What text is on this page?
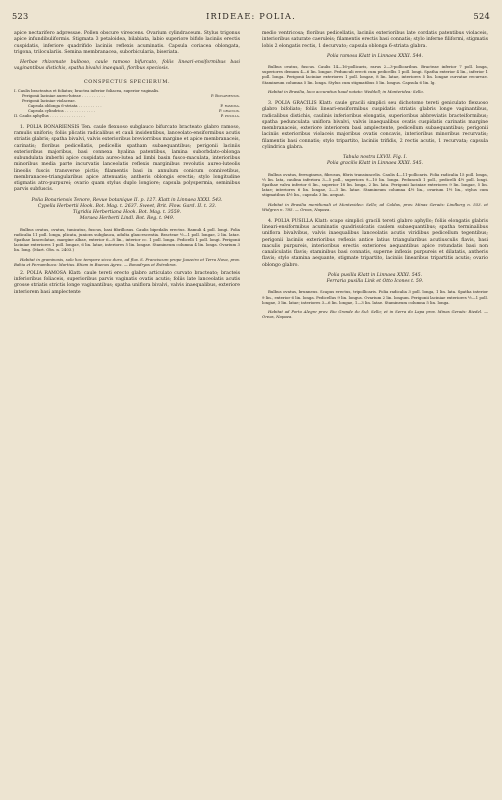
523	IRIDEAE: POLIA.	524

apice nectarifero adpressae. Pollen obscure virescens. Ovarium cylindraceum. Stylus trigonus apice infundibuliformis. Stigmata 3 petaloidea, bilabiata, labio superiore bifido laciniis erectis cuspidatis, inferiore quadrifido laciniis reflexis acuminatis. Capsula coriacea oblongata, trigona, triloculariis. Semina membranacea, suborbicularia, biseriata.

Herbae rhizomate bulboso, caule ramoso bifurcato, foliis lineari-ensiformibus basi vaginantibus distichis, spatha bivalvi inaequali, floribus speciosis.

CONSPECTUS SPECIERUM.
I. Caulis bracteatus et foliatus; bractea inferior foliacea, superior vaginalis.	
Perigonii laciniae aureo-luteae . . . . . . . . . .	P. Bonariensis.
Perigonii laciniae violaceae.	
Capsula oblonga 6-striata . . . . . . . . . .	P. ramosa.
Capsula cylindrica . . . . . . . . . . . . .	P. gracilis.
II. Caulis aphyllus . . . . . . . . . . . . . . .	P. pusilla.

1. POLIA BONARIENSIS Ten. caule flexuoso subglauco bifurcato bracteato glabro ramoso, ramulis uniforis; foliis plicatis radicalibus et cauli insidentibus, lanceolato-ensiformibus acutis striatis glabris; spatha bivalvi, valvis exterioribus breviorribus margine et apice membranaceis, carinatis; floribus pedicellatis, pedicellis spatham subaequantibus; perigonii laciniis exterioribus majoribus, basi connexa hyalina patentibus, lamina suborbdato-oblonga subundulata imberbi apice cuspidata aureo-lutea ad limbi basin fusco-maculata, interioribus minoribus media parte incurvatis lanceolatis reflexis marginibus revolutis aureo-luteolis lineolis fuscis transverse pictis; filamentis basi in annulum conicum connivetibus, membranaceo-triangularibus apice attenuatis; antheris oblongis erectis; stylo longitudine stigmatis atro-purpurei; ovario quam stylus duplo longiore; capsula polyspermia, seminibus parvis subfuscis.

Polia Bonariensis Tenore, Revue botanique II. p. 127. Klatt in Linnaea XXXI. 543.

Cypella Herbertii Hook. Bot. Mag. t. 2637. Sweet, Brit. Flow. Gard. II. t. 33.

Tigridia Herbertiana Hook. Bot. Mag. t. 3559.

Moraea Herberti Lindl. Bot. Reg. t. 949.

Bulbus ovatus, ovatus, tunicatus, fuscus, basi fibrillosus. Caulis bipedalis erectus. Ramuli 4 poll. longi. Folia radicalia 11 poll. longa, plicata, juniora subglauca, adulta glaucescentia. Bracteae ½—1 poll. longae, 2 lin. latae. Spathae lanceolatae, margine albae, exterior 6—8 lin., interior cc. 1 poll. longa. Pedicelli 1 poll. longi. Perigonii laciniae exteriores 1 poll. longae, 6 lin. latae, interiores 5 lin. longae. Stamineum columna 4 lin. longa. Ovarium 3 lin. long. (Mart. Obs. n. 2403.)

Habitat in graminosis, solo hoc tempore sicco duro, ad fluv. S. Franciscum prope Joazeiro et Terra Nova, prov. Bahia et Pernambuco: Martius. Etiam in Buenos Ayres. — Bonadryas et Extrabras.

2. POLIA RAMOSA Klatt: caule tereti erecto glabro articulato curvato bracteato; bracteis inferioribus foliaceis, superioribus parvis vaginatis ovatis acutis; foliis late lanceolatis acutis grosse striatis strictis longe vaginantibus; spatha uniflora bivalvi, valvis inaequalibus, exteriore interiorem basi amplectente

medio ventricosa; floribus pedicellatis, laciniis exterioribus late cordatis patentibus violaceis, interioribus saturate caeruleis; filamentis erectis basi connatis; stylo inferne filiformi, stigmatis lobis 2 elongatis rectis, 1 decurvato; capsula oblonga 6-striata glabra.

Polia ramosa Klatt in Linnaea XXXI. 544.

Bulbus ovatus, fuscus. Caulis 14—16-pollicaris, rarus 2—3-pollicaribus. Bracteae inferior 7 poll. longa, superiores demum 4—6 lin. longae. Pedunculi erecti cum pedicellis 1 poll. longi. Spatha exterior 4 lin., inferior 1 poll. longa. Perigonii laciniae exteriores 1 poll. longae, 8 lin. latae, interiores 5 lin. longae curvatae recurvae. Stamineum columna 5 lin. longa. Stylus cum stigmatibus 5 lin. longus. Capsula 6 lin. lg.

Habitat in Brasilia, loco accuratius haud notato: Weddell; in Monteridea: Sello.

3. POLIA GRACILIS Klatt: caule gracili simplici seu dichotomo tereti geniculato flexuoso glabro bifoliato; foliis lineari-ensiformibus cuspidatis striatis glabris longe vaginantibus, radicalibus distichis, caulinis inferioribus elongatis, superioribus abbreviatis bracteiformibus; spatha pedunculata uniflora bivalvi, valvis inaequalibus ovatis cuspidatis carinatis margine membranaceis, exteriore interiorem basi amplectente, pedicellum subaequantibus; perigonii laciniis exterioribus violaceis majoribus ovatis concavis, interioribus minoribus recurvatis; filamentis basi connatis; stylo tripartito, laciniis trifidis, 2 rectis acutis, 1 recurvata; capsula cylindrica glabra.

Tabula nostra LXVII. Fig. I.

Polia gracilis Klatt in Linnaea XXXI. 545.

Bulbus ovatus, ferrugineus, fibrosus, fibris transiuncelis. Caulis 4—11-pollicaris. Folia radicalia 15 poll. longa, ⅓ lin. lata, caulina inferiora 3—5 poll., superiora 9—10 lin. longa. Pedunculi 1 poll., pedicelli 4½ poll. longi. Spathae valva inferior 6 lin., superior 18 lin. longa, 2 lin. lata. Perigonii laciniae exteriores 9 lin. longae, 5 lin. latae; interiores 6 lin. longae, 2—3 lin. latae. Stamineum columna 4½ lin., ovarium 1½ lin., stylus cum stigmatibus 4½ lin., capsula 3 lin. aequat.

Habitat in Brasilia meridionali et Montevideo: Sello; ad Caldas, prov. Minas Geraës: Lindberg n. 553. et Widgren n. 785. — Oreas, Napaea.

4. POLIA PUSILLA Klatt: scapo simplici gracili tereti glabro aphyllo; foliis elongatis glabris lineari-ensiformibus acuminatis quadrisulcatis caulem subaequantibus; spatha terminalibus uniflora bivalvibus, valvis inaequalibus lanceolatis acutis viridibus pedicellum tegentibus; perigonii laciniis exterioribus reflexis antice latius triangularibus acutiusculis flavis, basi maculis purpureis, interioribus erectis exteriores aequantibus apice rotundatis basi non canaliculatis flavis; staminibus basi connatis, superne inflexis purpureis et dilatatis, antheris flavis; stylo staminа aequante, stigmate tripartito, laciniis linearibus tripartitis acutis; ovario oblongo glabro.

Polia pusilla Klatt in Linnaea XXXI. 545.

Ferraria pusilla Link et Otto Icones t. 59.

Bulbus ovatus, brunneus. Scapus erectus, tripollicaris. Folia radicalia 3 poll. longa, 1 lin. lata. Spatha interior 9 lin., exterior 6 lin. longa. Pedicellus 9 lin. longus. Ovarium 2 lin. longum. Perigonii laciniae exteriores ½—1 poll. longae, 3 lin. latae; interiores 3—6 lin. longae, 1—3 lin. latae. Stamineum columna 5 lin. longa.

Habitat ad Porto Alegre prov. Rio Grande do Sul: Sello; et in Serra do Lapa prov. Minas Geraës: Riedel. — Oreas, Napaea.
